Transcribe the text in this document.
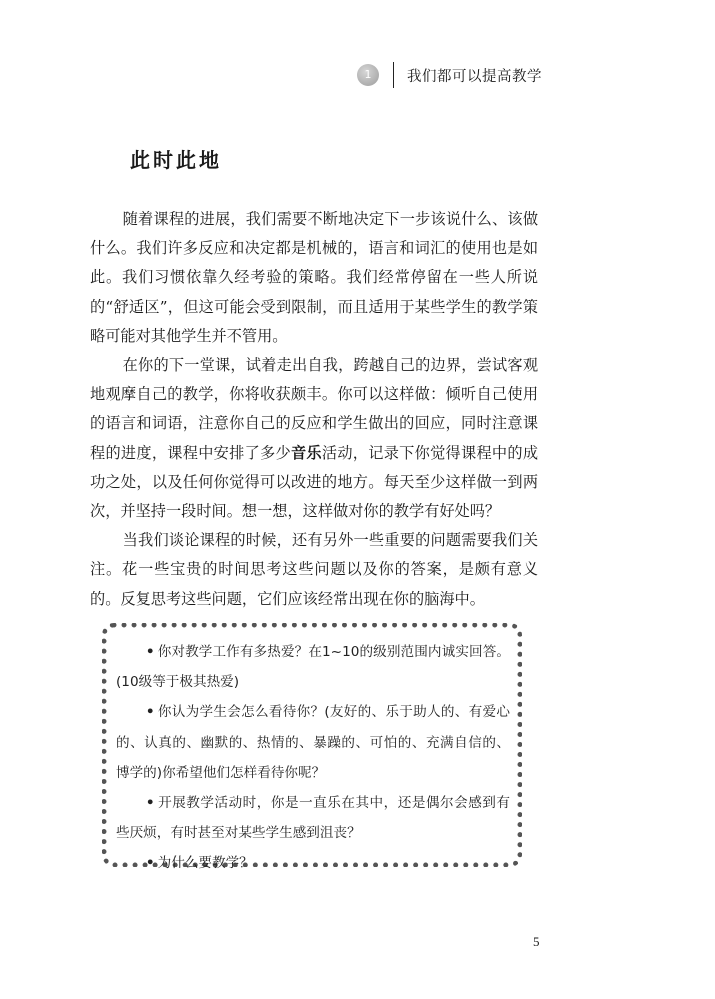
1	我们都可以提高教学
此时此地

随着课程的进展，我们需要不断地决定下一步该说什么、该做什么。我们许多反应和决定都是机械的，语言和词汇的使用也是如此。我们习惯依靠久经考验的策略。我们经常停留在一些人所说的“舒适区”，但这可能会受到限制，而且适用于某些学生的教学策略可能对其他学生并不管用。

在你的下一堂课，试着走出自我，跨越自己的边界，尝试客观地观摩自己的教学，你将收获颇丰。你可以这样做：倾听自己使用的语言和词语，注意你自己的反应和学生做出的回应，同时注意课程的进度，课程中安排了多少音乐活动，记录下你觉得课程中的成功之处，以及任何你觉得可以改进的地方。每天至少这样做一到两次，并坚持一段时间。想一想，这样做对你的教学有好处吗？

当我们谈论课程的时候，还有另外一些重要的问题需要我们关注。花一些宝贵的时间思考这些问题以及你的答案，是颇有意义的。反复思考这些问题，它们应该经常出现在你的脑海中。

• 你对教学工作有多热爱？在1~10的级别范围内诚实回答。(10级等于极其热爱)

• 你认为学生会怎么看待你？(友好的、乐于助人的、有爱心的、认真的、幽默的、热情的、暴躁的、可怕的、充满自信的、博学的)你希望他们怎样看待你呢？

• 开展教学活动时，你是一直乐在其中，还是偶尔会感到有些厌烦，有时甚至对某些学生感到沮丧？

• 为什么要教学？

5
